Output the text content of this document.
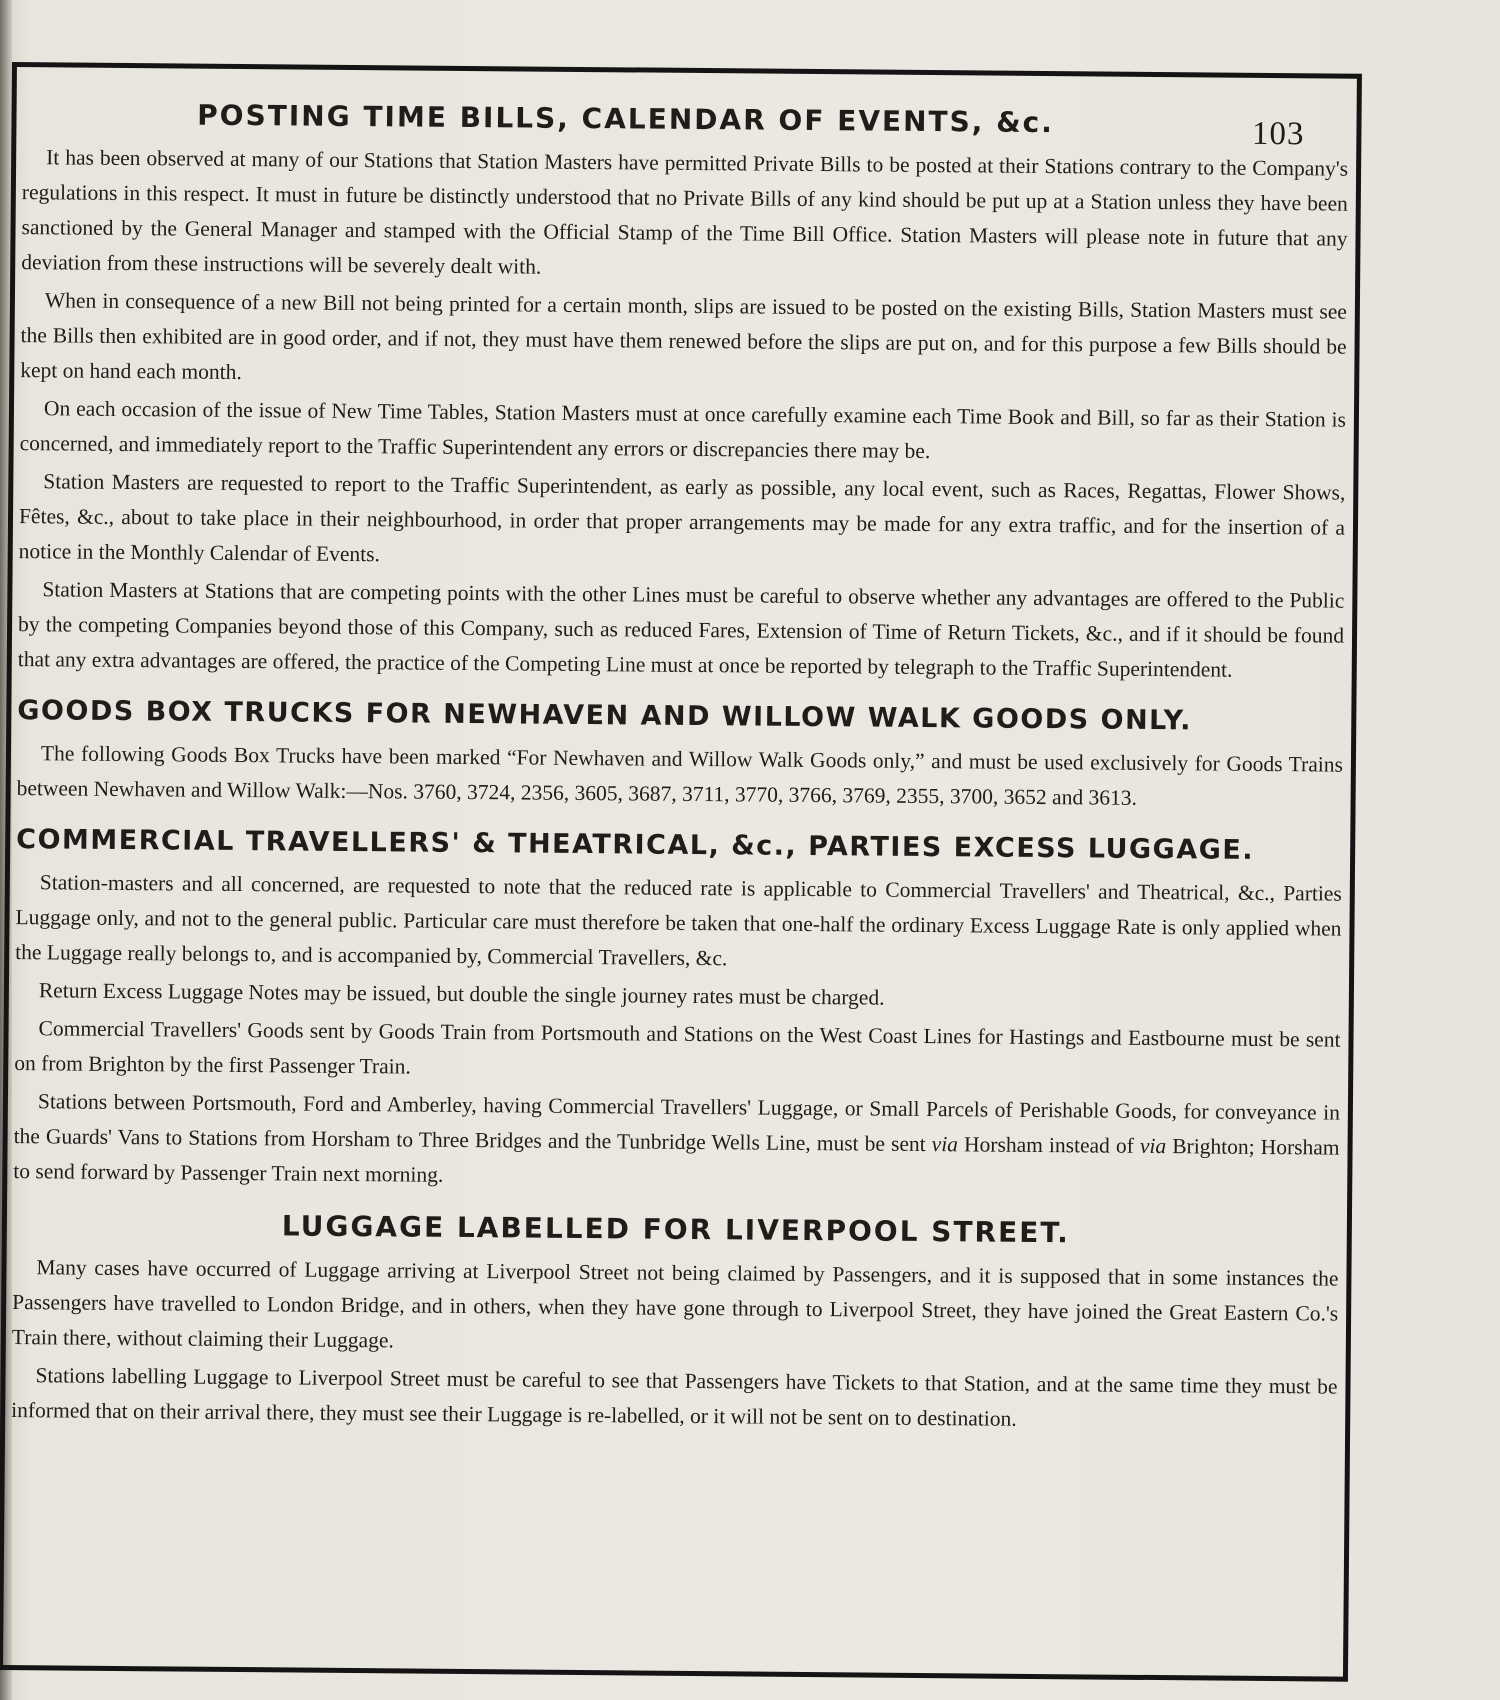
103
POSTING TIME BILLS, CALENDAR OF EVENTS, &c.

It has been observed at many of our Stations that Station Masters have permitted Private Bills to be posted at their Stations contrary to the Company's regulations in this respect. It must in future be distinctly understood that no Private Bills of any kind should be put up at a Station unless they have been sanctioned by the General Manager and stamped with the Official Stamp of the Time Bill Office. Station Masters will please note in future that any deviation from these instructions will be severely dealt with.

When in consequence of a new Bill not being printed for a certain month, slips are issued to be posted on the existing Bills, Station Masters must see the Bills then exhibited are in good order, and if not, they must have them renewed before the slips are put on, and for this purpose a few Bills should be kept on hand each month.

On each occasion of the issue of New Time Tables, Station Masters must at once carefully examine each Time Book and Bill, so far as their Station is concerned, and immediately report to the Traffic Superintendent any errors or discrepancies there may be.

Station Masters are requested to report to the Traffic Superintendent, as early as possible, any local event, such as Races, Regattas, Flower Shows, Fêtes, &c., about to take place in their neighbourhood, in order that proper arrangements may be made for any extra traffic, and for the insertion of a notice in the Monthly Calendar of Events.

Station Masters at Stations that are competing points with the other Lines must be careful to observe whether any advantages are offered to the Public by the competing Companies beyond those of this Company, such as reduced Fares, Extension of Time of Return Tickets, &c., and if it should be found that any extra advantages are offered, the practice of the Competing Line must at once be reported by telegraph to the Traffic Superintendent.

GOODS BOX TRUCKS FOR NEWHAVEN AND WILLOW WALK GOODS ONLY.

The following Goods Box Trucks have been marked “For Newhaven and Willow Walk Goods only,” and must be used exclusively for Goods Trains between Newhaven and Willow Walk:—Nos. 3760, 3724, 2356, 3605, 3687, 3711, 3770, 3766, 3769, 2355, 3700, 3652 and 3613.

COMMERCIAL TRAVELLERS' & THEATRICAL, &c., PARTIES EXCESS LUGGAGE.

Station-masters and all concerned, are requested to note that the reduced rate is applicable to Commercial Travellers' and Theatrical, &c., Parties Luggage only, and not to the general public. Particular care must therefore be taken that one-half the ordinary Excess Luggage Rate is only applied when the Luggage really belongs to, and is accompanied by, Commercial Travellers, &c.

Return Excess Luggage Notes may be issued, but double the single journey rates must be charged.

Commercial Travellers' Goods sent by Goods Train from Portsmouth and Stations on the West Coast Lines for Hastings and Eastbourne must be sent on from Brighton by the first Passenger Train.

Stations between Portsmouth, Ford and Amberley, having Commercial Travellers' Luggage, or Small Parcels of Perishable Goods, for conveyance in the Guards' Vans to Stations from Horsham to Three Bridges and the Tunbridge Wells Line, must be sent via Horsham instead of via Brighton; Horsham to send forward by Passenger Train next morning.

LUGGAGE LABELLED FOR LIVERPOOL STREET.

Many cases have occurred of Luggage arriving at Liverpool Street not being claimed by Passengers, and it is supposed that in some instances the Passengers have travelled to London Bridge, and in others, when they have gone through to Liverpool Street, they have joined the Great Eastern Co.'s Train there, without claiming their Luggage.

Stations labelling Luggage to Liverpool Street must be careful to see that Passengers have Tickets to that Station, and at the same time they must be informed that on their arrival there, they must see their Luggage is re-labelled, or it will not be sent on to destination.
